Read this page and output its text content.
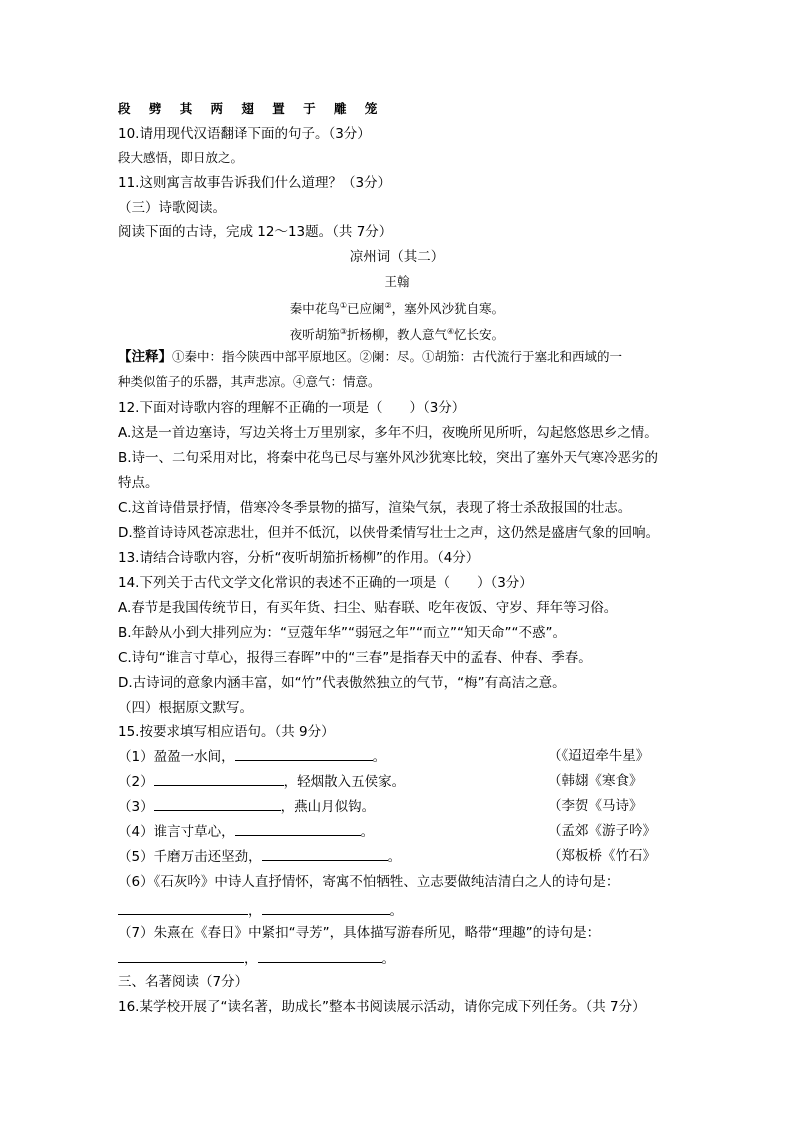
段 劈 其 两 翅 置 于 雕 笼
10.请用现代汉语翻译下面的句子。（3分）
段大感悟，即日放之。
11.这则寓言故事告诉我们什么道理？（3分）
（三）诗歌阅读。
阅读下面的古诗，完成 12～13题。（共 7分）
凉州词（其二）
王翰
秦中花鸟①已应阑②，塞外风沙犹自寒。
夜听胡笳③折杨柳，教人意气④忆长安。
【注释】①秦中：指今陕西中部平原地区。②阑：尽。①胡笳：古代流行于塞北和西域的一
种类似笛子的乐器，其声悲凉。④意气：情意。
12.下面对诗歌内容的理解不正确的一项是（　　）（3分）
A.这是一首边塞诗，写边关将士万里别家，多年不归，夜晚所见所听，勾起悠悠思乡之情。
B.诗一、二句采用对比，将秦中花鸟已尽与塞外风沙犹寒比较，突出了塞外天气寒冷恶劣的
特点。
C.这首诗借景抒情，借寒冷冬季景物的描写，渲染气氛，表现了将士杀敌报国的壮志。
D.整首诗诗风苍凉悲壮，但并不低沉，以侠骨柔情写壮士之声，这仍然是盛唐气象的回响。
13.请结合诗歌内容，分析“夜听胡笳折杨柳”的作用。（4分）
14.下列关于古代文学文化常识的表述不正确的一项是（　　）（3分）
A.春节是我国传统节日，有买年货、扫尘、贴春联、吃年夜饭、守岁、拜年等习俗。
B.年龄从小到大排列应为：“豆蔻年华”“弱冠之年”“而立”“知天命”“不惑”。
C.诗句“谁言寸草心，报得三春晖”中的“三春”是指春天中的孟春、仲春、季春。
D.古诗词的意象内涵丰富，如“竹”代表傲然独立的气节，“梅”有高洁之意。
（四）根据原文默写。
15.按要求填写相应语句。（共 9分）
（1）盈盈一水间，	。	（《迢迢牵牛星》
（2）	，轻烟散入五侯家。	（韩翃《寒食》
（3）	，燕山月似钩。	（李贺《马诗》
（4）谁言寸草心，	。	（孟郊《游子吟》
（5）千磨万击还坚劲，	。	（郑板桥《竹石》
（6）《石灰吟》中诗人直抒情怀，寄寓不怕牺牲、立志要做纯洁清白之人的诗句是：
，	。
（7）朱熹在《春日》中紧扣“寻芳”，具体描写游春所见，略带“理趣”的诗句是：
，	。
三、名著阅读（7分）
16.某学校开展了“读名著，助成长”整本书阅读展示活动，请你完成下列任务。（共 7分）
